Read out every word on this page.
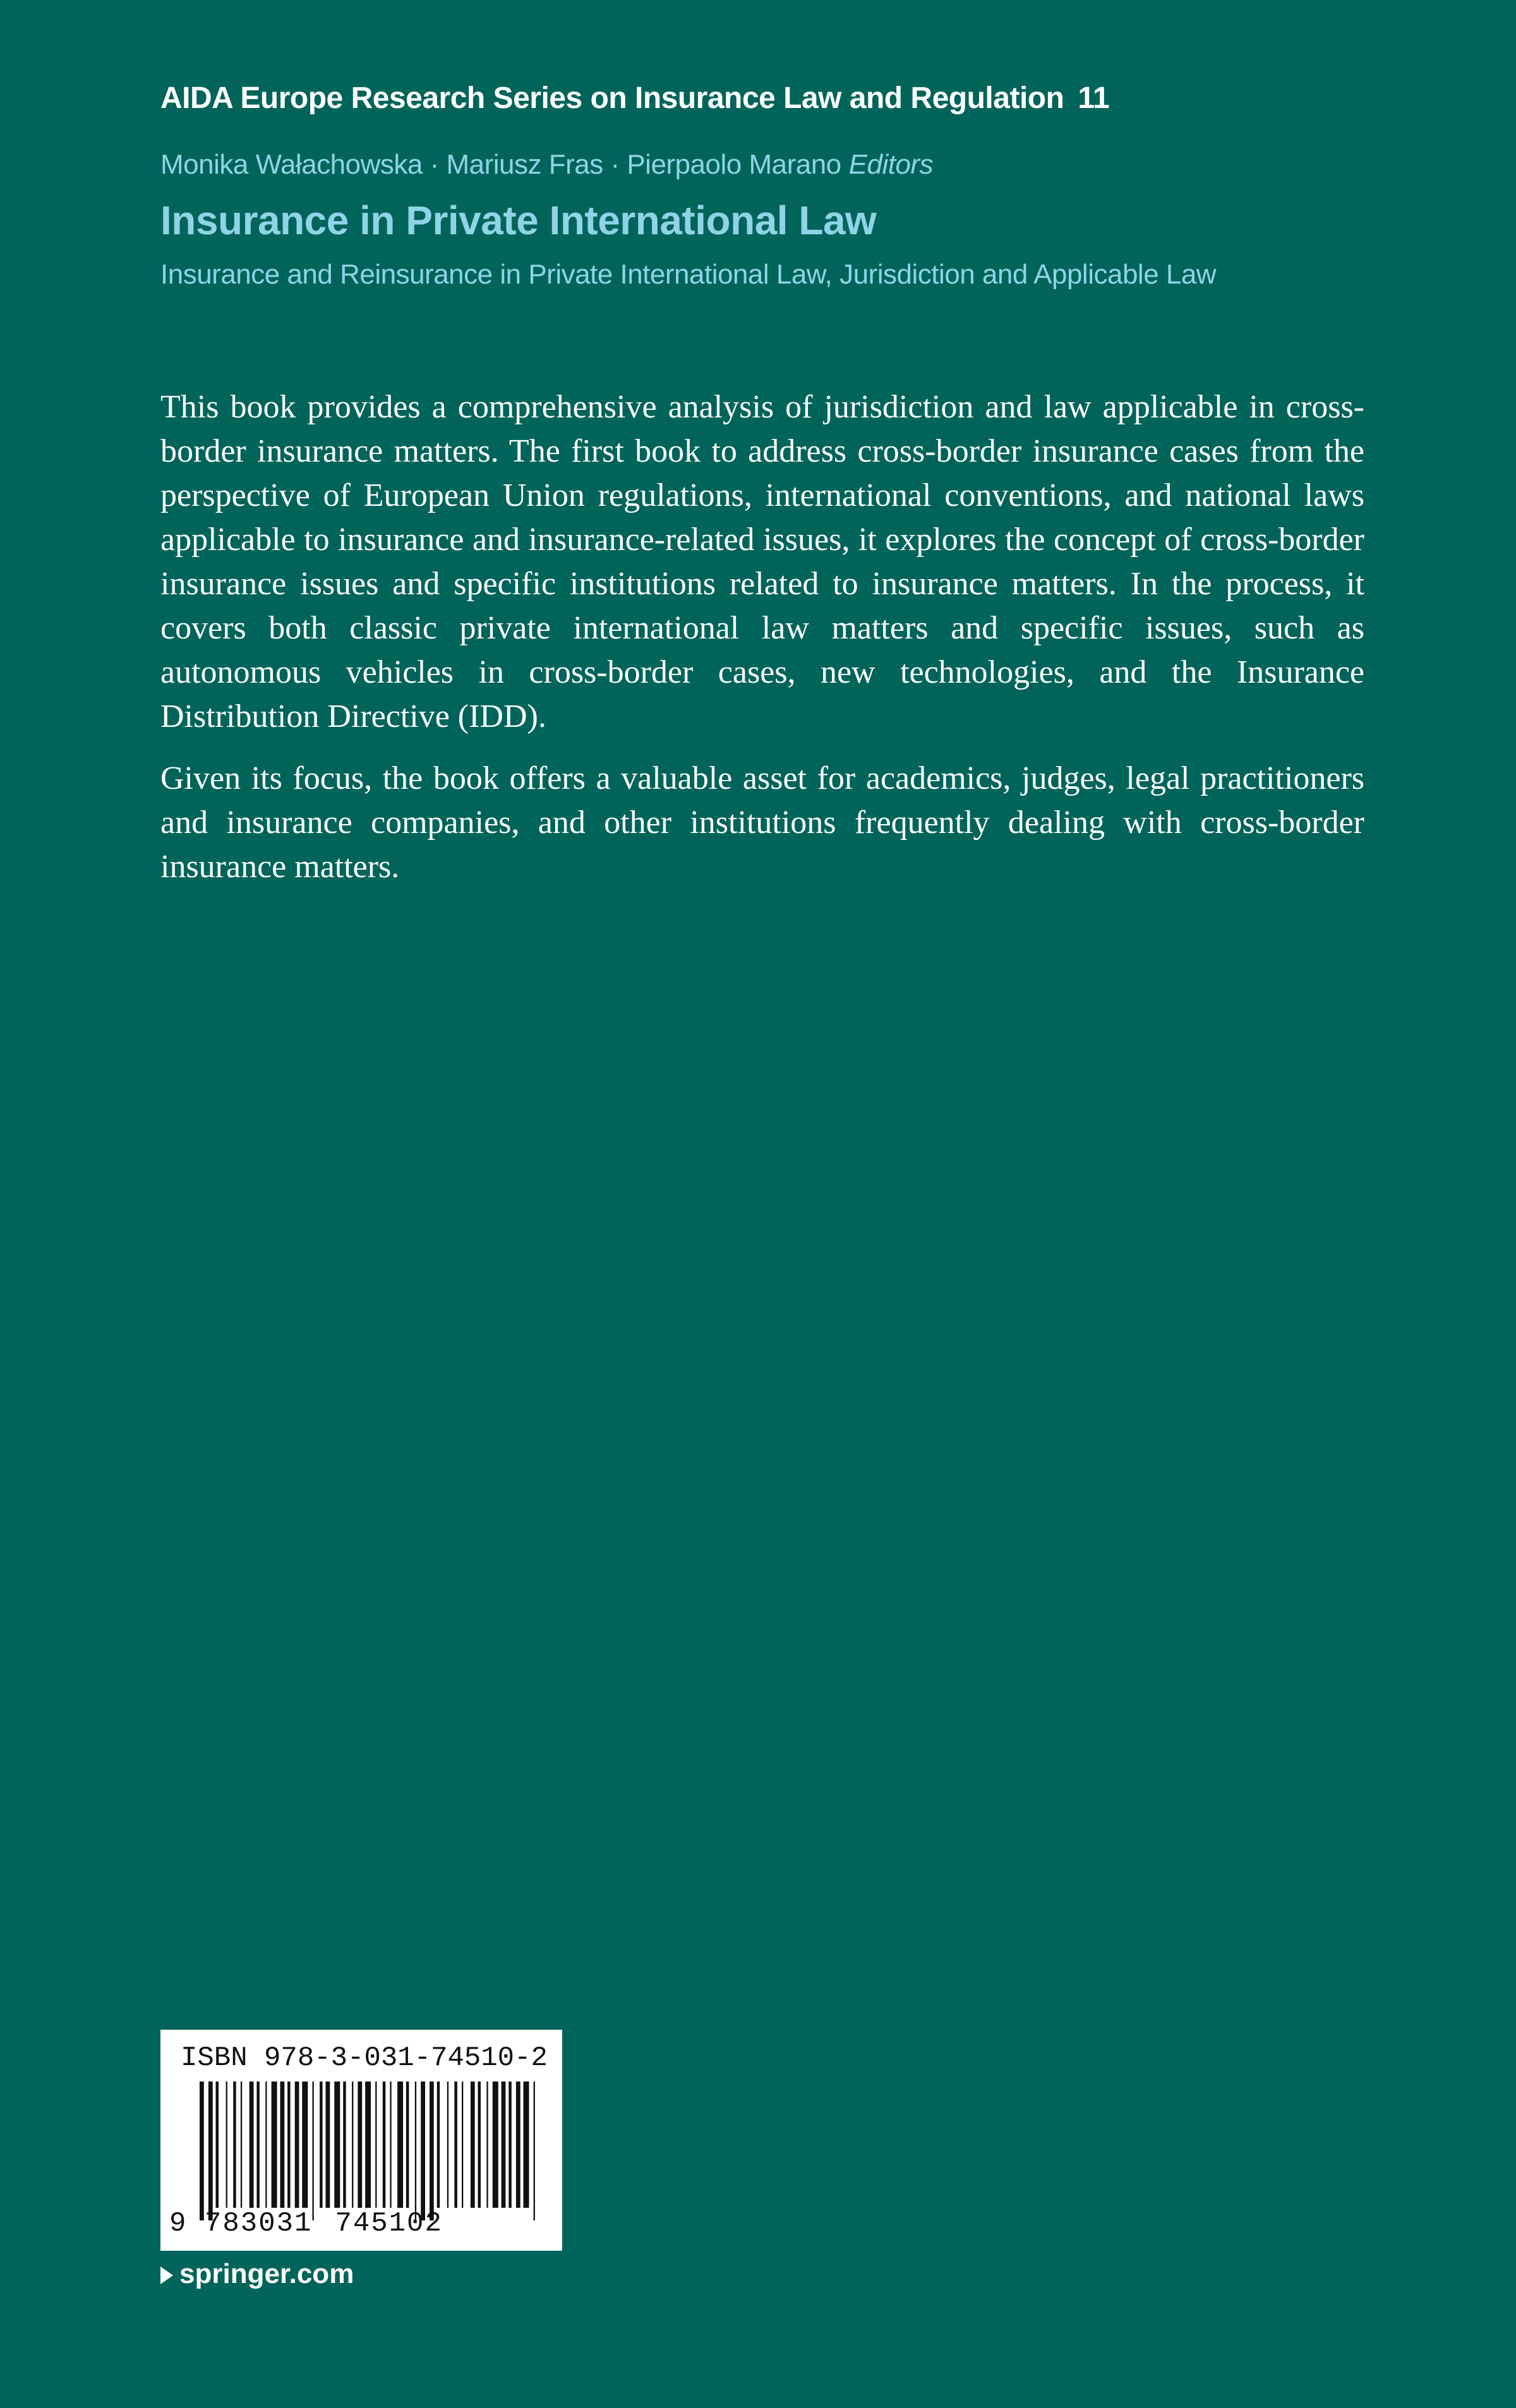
AIDA Europe Research Series on Insurance Law and Regulation 11
Monika Wałachowska · Mariusz Fras · Pierpaolo Marano Editors
Insurance in Private International Law
Insurance and Reinsurance in Private International Law, Jurisdiction and Applicable Law

This book provides a comprehensive analysis of jurisdiction and law applicable in cross-border insurance matters. The first book to address cross-border insurance cases from the perspective of European Union regulations, international conventions, and national laws applicable to insurance and insurance-related issues, it explores the concept of cross-border insurance issues and specific institutions related to insurance matters. In the process, it covers both classic private international law matters and specific issues, such as autonomous vehicles in cross-border cases, new technologies, and the Insurance Distribution Directive (IDD).

Given its focus, the book offers a valuable asset for academics, judges, legal practitioners and insurance companies, and other institutions frequently dealing with cross-border insurance matters.

ISBN 978-3-031-74510-2
9 783031 745102
springer.com
